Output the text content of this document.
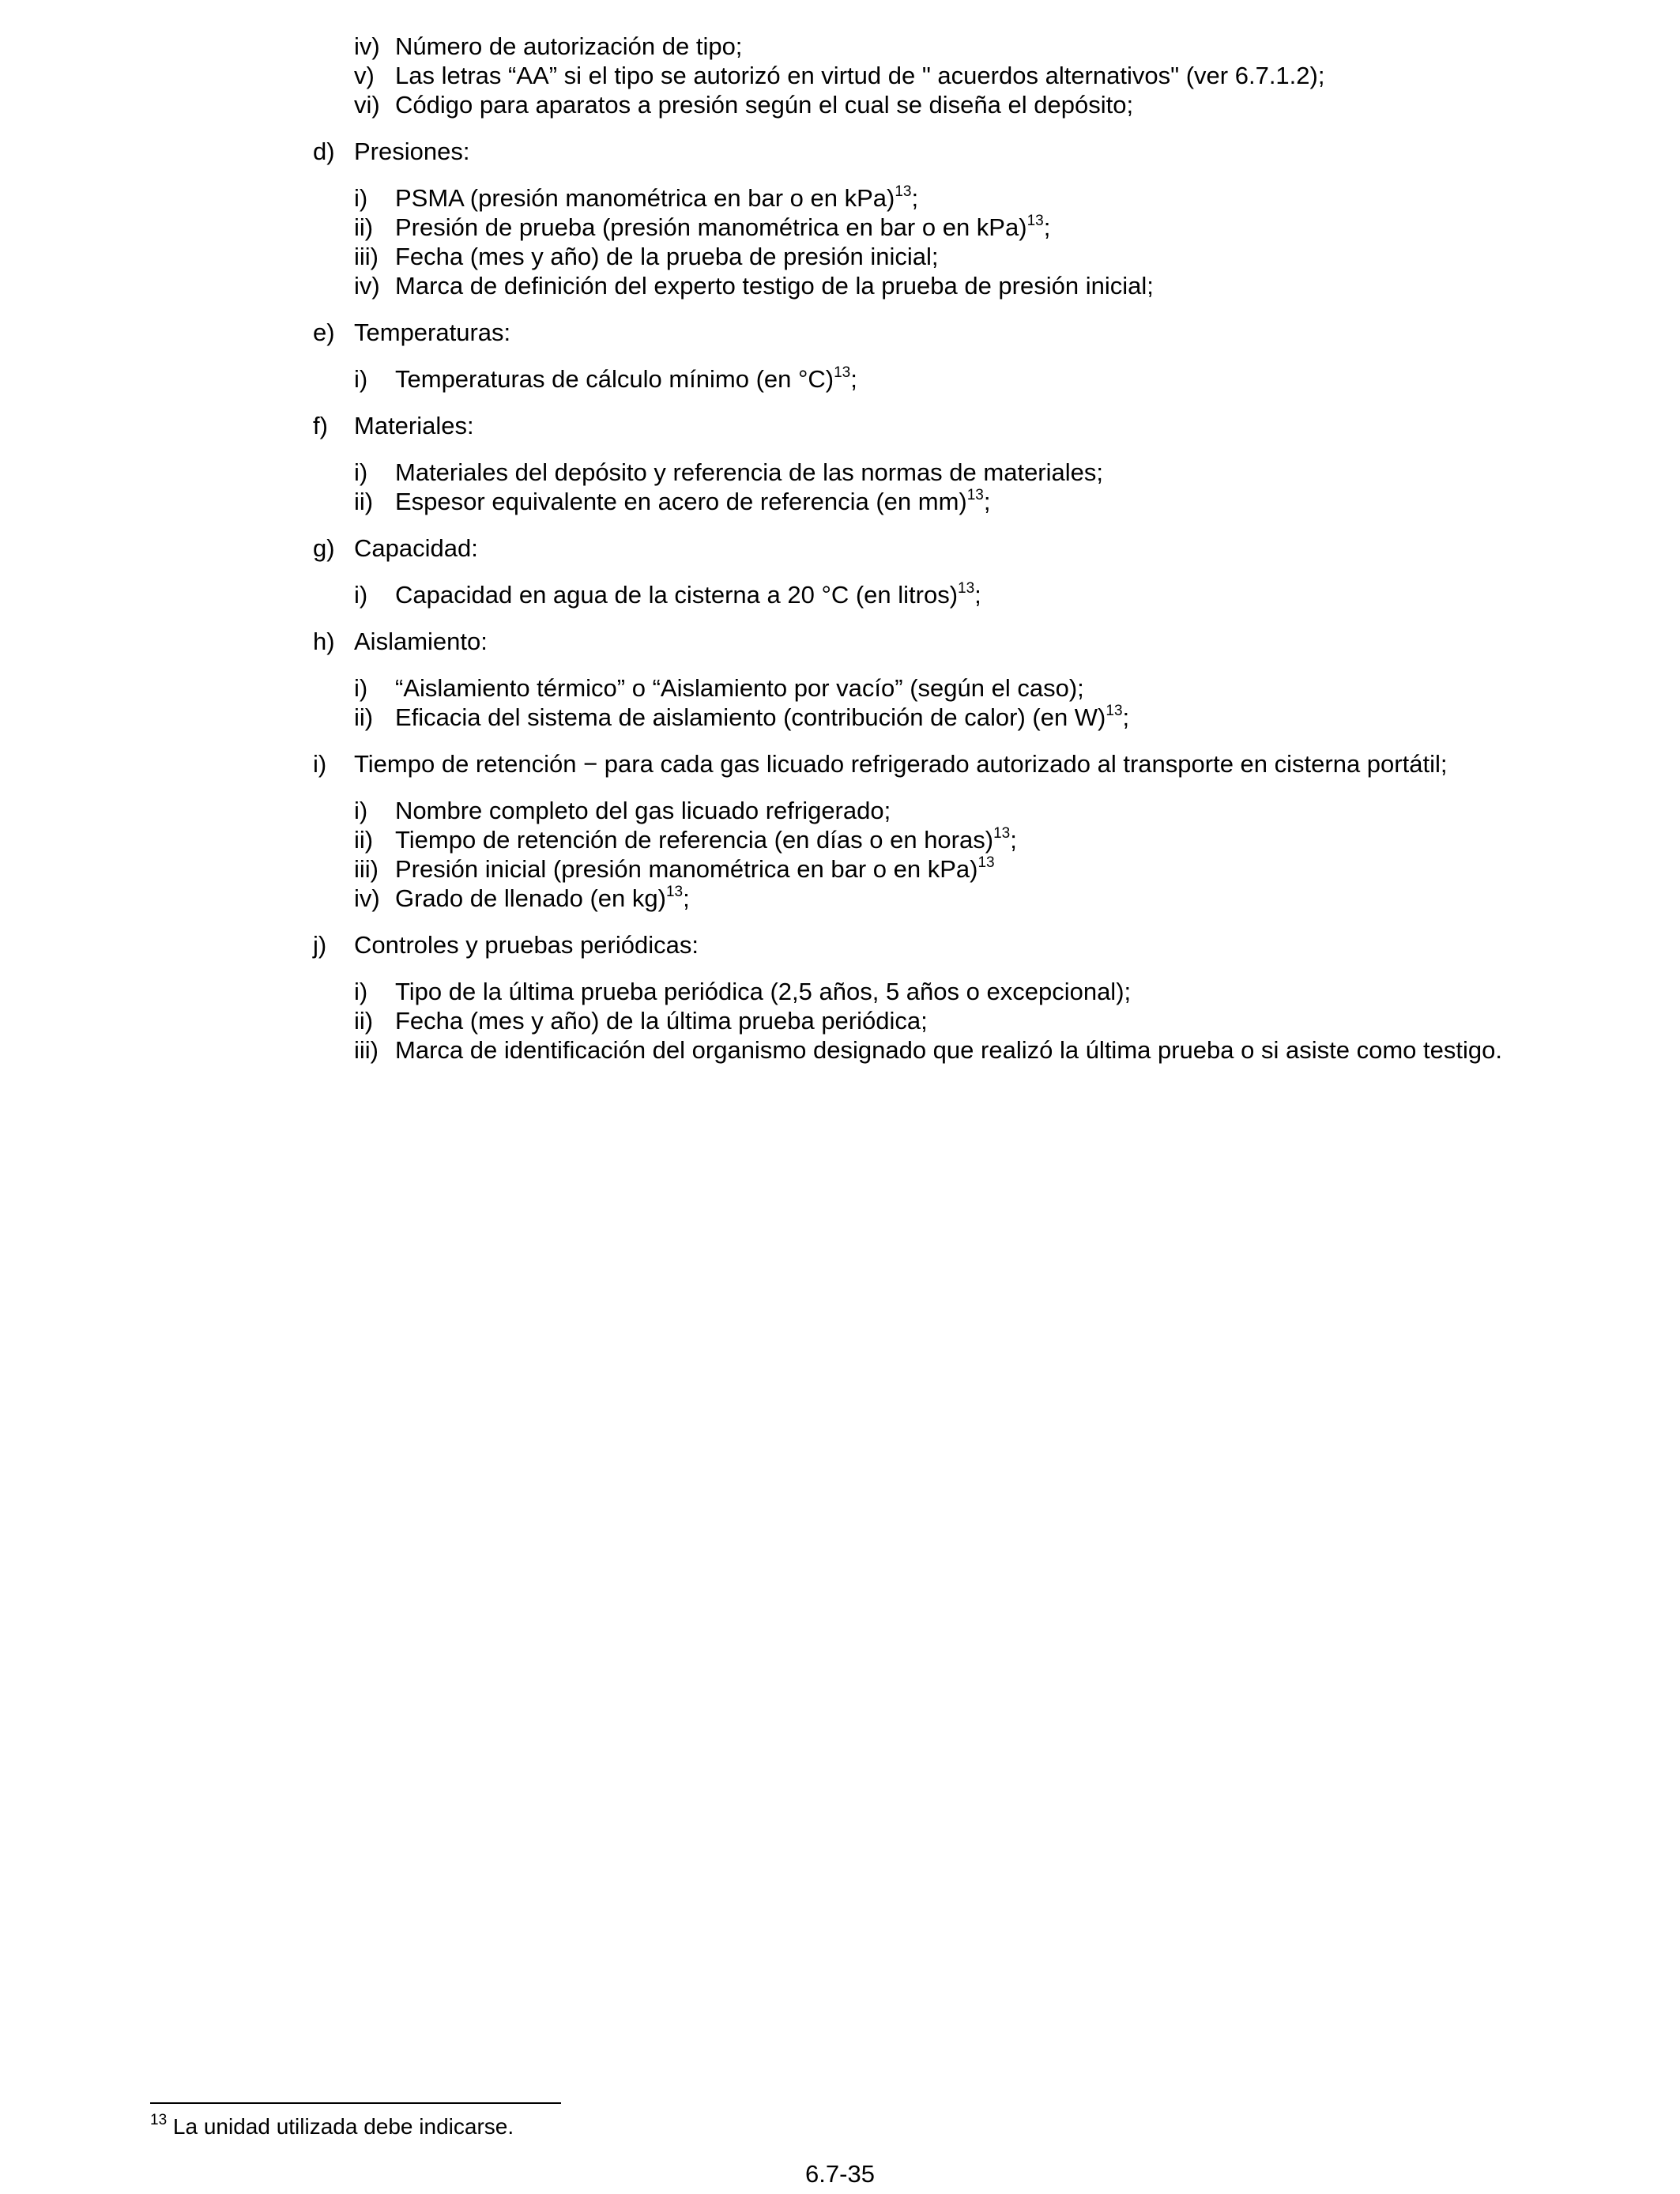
iv) Número de autorización de tipo;
v) Las letras “AA” si el tipo se autorizó en virtud de " acuerdos alternativos" (ver 6.7.1.2);
vi) Código para aparatos a presión según el cual se diseña el depósito;
d) Presiones:
i)	PSMA (presión manométrica en bar o en kPa)$^{13}$;
ii) Presión de prueba (presión manométrica en bar o en kPa)$^{13}$;
iii) Fecha (mes y año) de la prueba de presión inicial;
iv) Marca de definición del experto testigo de la prueba de presión inicial;
e) Temperaturas:
i)	Temperaturas de cálculo mínimo (en °C)$^{13}$;
f)	Materiales:
i)	Materiales del depósito y referencia de las normas de materiales;
ii) Espesor equivalente en acero de referencia (en mm)$^{13}$;
g) Capacidad:
i)	Capacidad en agua de la cisterna a 20 °C (en litros)$^{13}$;
h) Aislamiento:
i)	“Aislamiento térmico” o “Aislamiento por vacío” (según el caso);
ii) Eficacia del sistema de aislamiento (contribución de calor) (en W)$^{13}$;
i)	Tiempo de retención − para cada gas licuado refrigerado autorizado al transporte en cisterna portátil;
i)	Nombre completo del gas licuado refrigerado;
ii) Tiempo de retención de referencia (en días o en horas)$^{13}$;
iii) Presión inicial (presión manométrica en bar o en kPa)$^{13}$
iv) Grado de llenado (en kg)$^{13}$;
j)	Controles y pruebas periódicas:
i)	Tipo de la última prueba periódica (2,5 años, 5 años o excepcional);
ii) Fecha (mes y año) de la última prueba periódica;
iii) Marca de identificación del organismo designado que realizó la última prueba o si asiste como testigo.
$^{13}$ La unidad utilizada debe indicarse.
6.7-35
